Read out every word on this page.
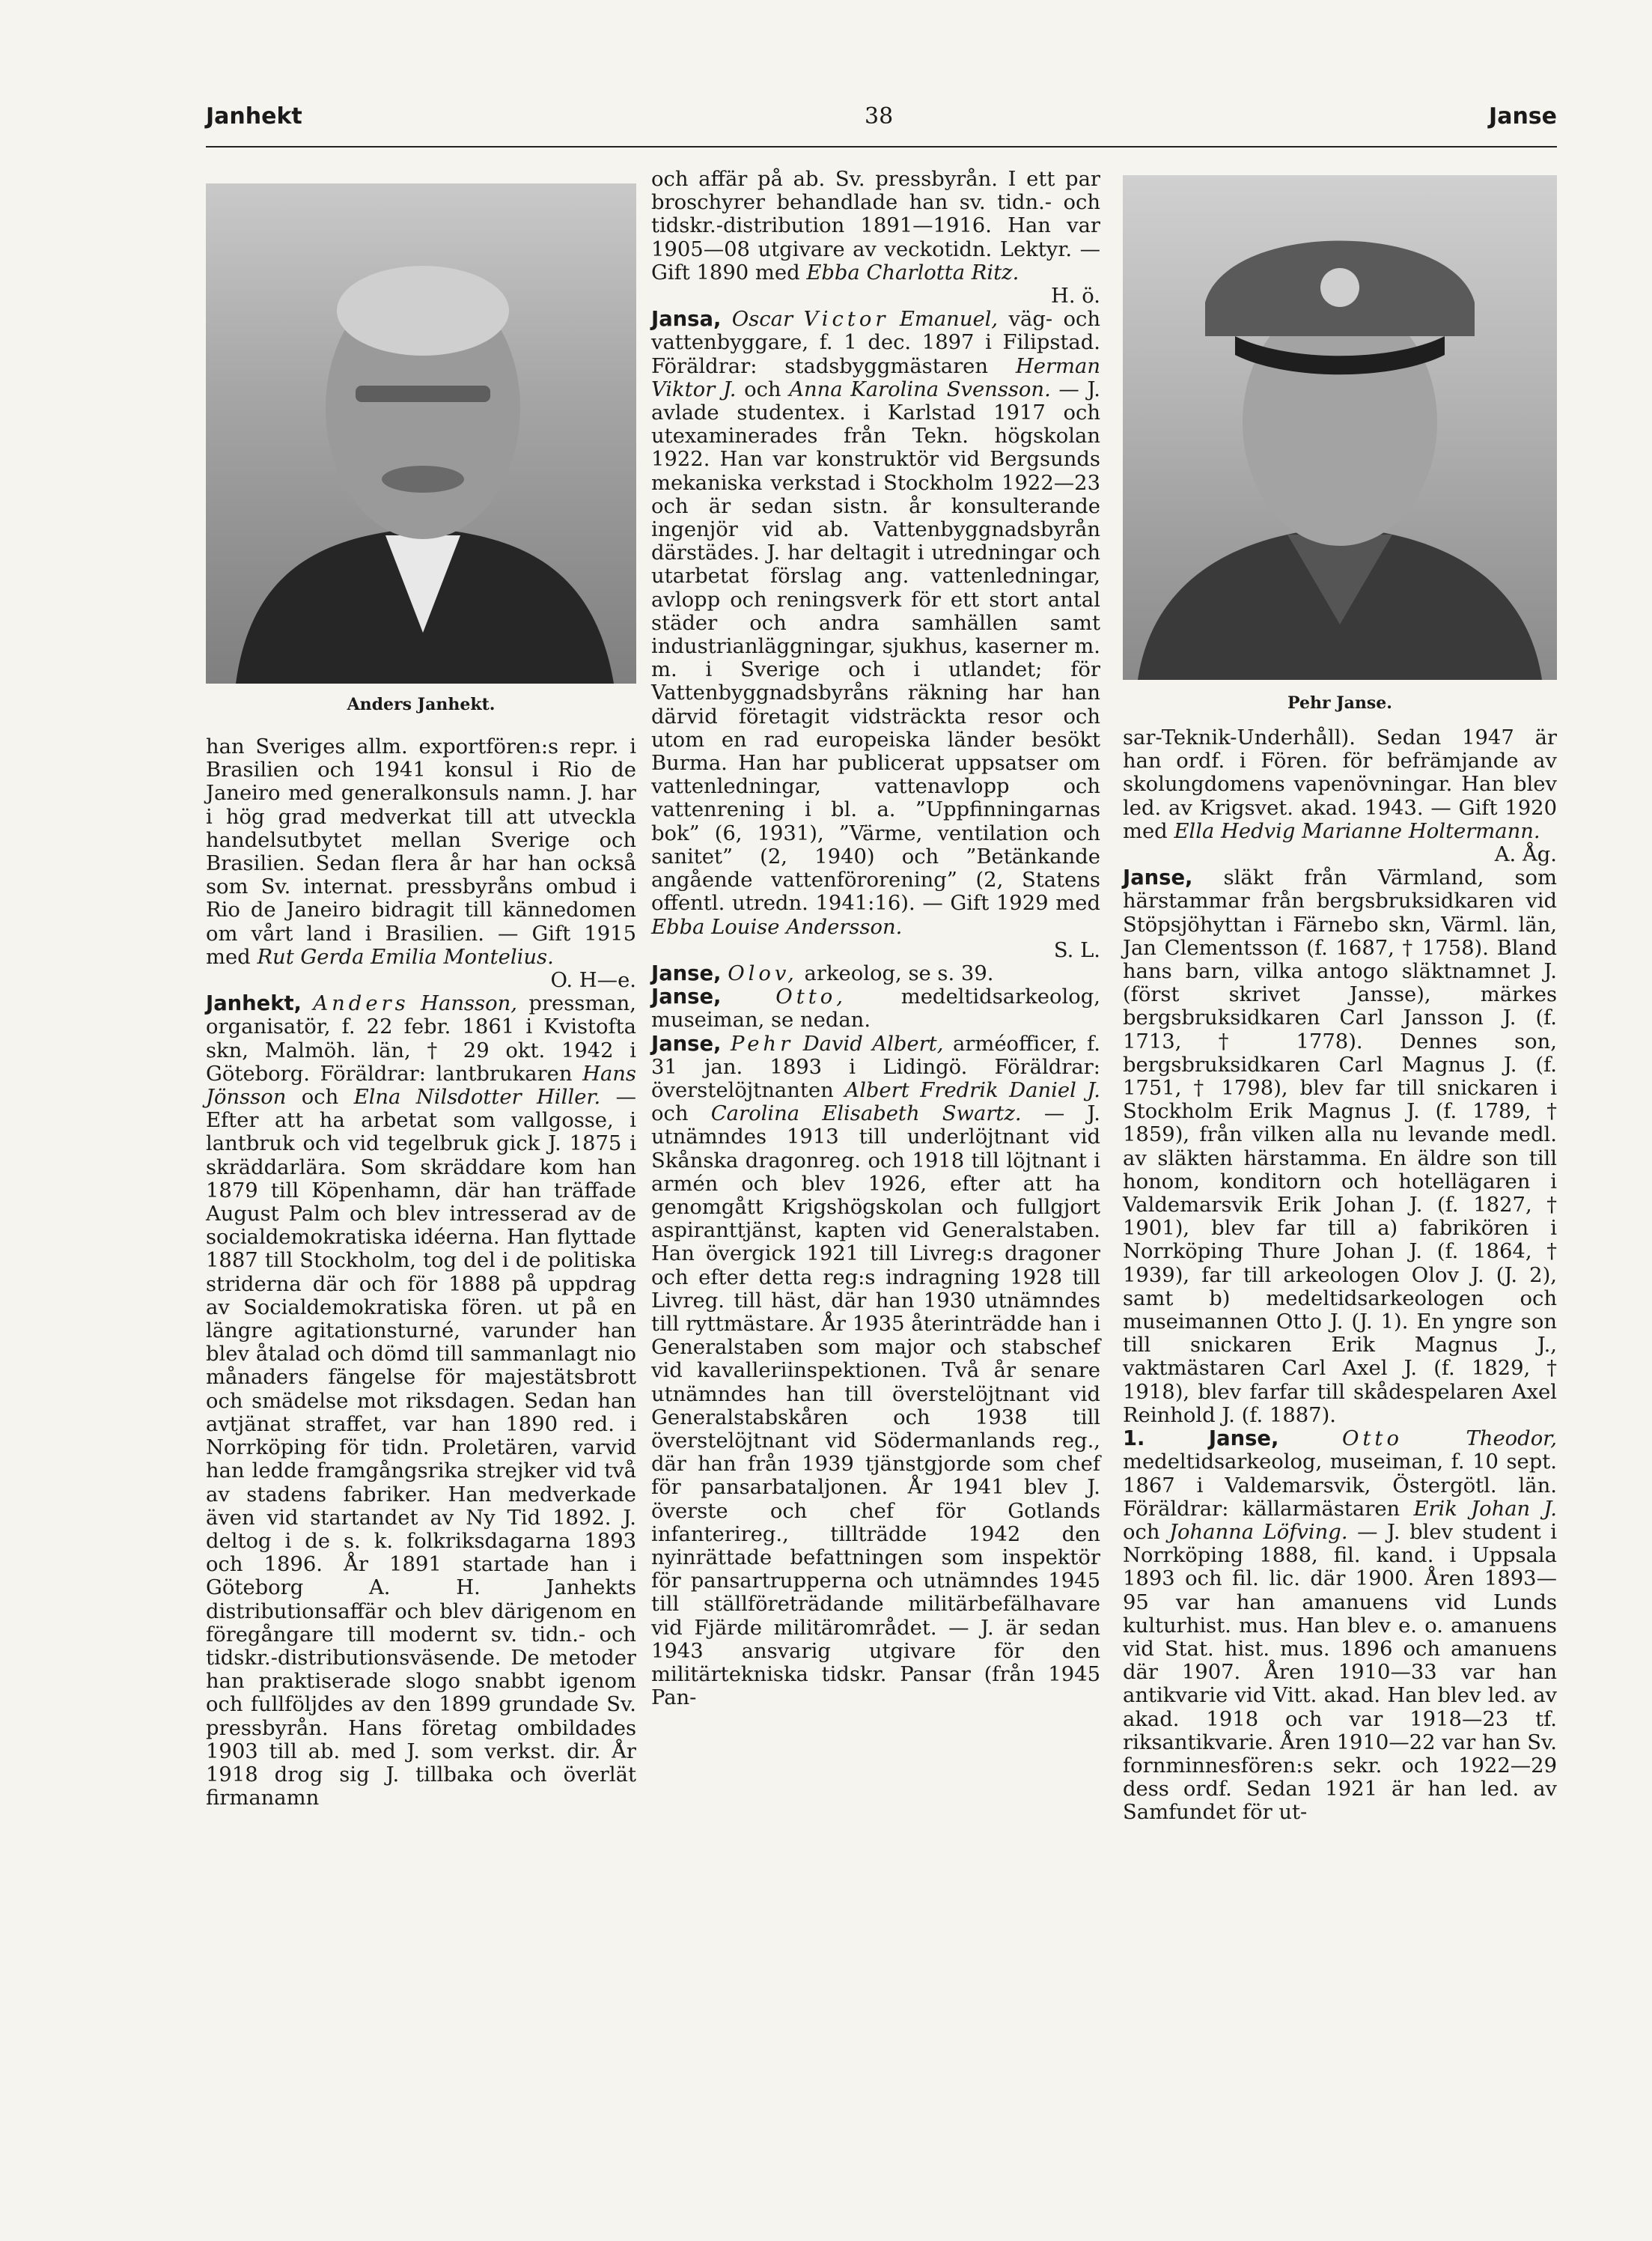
Janhekt	38	Janse
Anders Janhekt.	Pehr Janse.

han Sveriges allm. exportfören:s repr. i Brasilien och 1941 konsul i Rio de Janeiro med generalkonsuls namn. J. har i hög grad medverkat till att utveckla handelsutbytet mellan Sverige och Brasilien. Sedan flera år har han också som Sv. internat. pressbyråns ombud i Rio de Janeiro bidragit till kännedomen om vårt land i Brasilien. — Gift 1915 med Rut Gerda Emilia Montelius.
O. H—e.

Janhekt, Anders Hansson, pressman, organisatör, f. 22 febr. 1861 i Kvistofta skn, Malmöh. län, † 29 okt. 1942 i Göteborg. Föräldrar: lantbrukaren Hans Jönsson och Elna Nilsdotter Hiller. — Efter att ha arbetat som vallgosse, i lantbruk och vid tegelbruk gick J. 1875 i skräddarlära. Som skräddare kom han 1879 till Köpenhamn, där han träffade August Palm och blev intresserad av de socialdemokratiska idéerna. Han flyttade 1887 till Stockholm, tog del i de politiska striderna där och för 1888 på uppdrag av Socialdemokratiska fören. ut på en längre agitationsturné, varunder han blev åtalad och dömd till sammanlagt nio månaders fängelse för majestätsbrott och smädelse mot riksdagen. Sedan han avtjänat straffet, var han 1890 red. i Norrköping för tidn. Proletären, varvid han ledde framgångsrika strejker vid två av stadens fabriker. Han medverkade även vid startandet av Ny Tid 1892. J. deltog i de s. k. folkriksdagarna 1893 och 1896. År 1891 startade han i Göteborg A. H. Janhekts distributionsaffär och blev därigenom en föregångare till modernt sv. tidn.- och tidskr.-distributionsväsende. De metoder han praktiserade slogo snabbt igenom och fullföljdes av den 1899 grundade Sv. pressbyrån. Hans företag ombildades 1903 till ab. med J. som verkst. dir. År 1918 drog sig J. tillbaka och överlät firmanamn

och affär på ab. Sv. pressbyrån. I ett par broschyrer behandlade han sv. tidn.- och tidskr.-distribution 1891—1916. Han var 1905—08 utgivare av veckotidn. Lektyr. — Gift 1890 med Ebba Charlotta Ritz.
H. ö.

Jansa, Oscar Victor Emanuel, väg- och vattenbyggare, f. 1 dec. 1897 i Filipstad. Föräldrar: stadsbyggmästaren Herman Viktor J. och Anna Karolina Svensson. — J. avlade studentex. i Karlstad 1917 och utexaminerades från Tekn. högskolan 1922. Han var konstruktör vid Bergsunds mekaniska verkstad i Stockholm 1922—23 och är sedan sistn. år konsulterande ingenjör vid ab. Vattenbyggnadsbyrån därstädes. J. har deltagit i utredningar och utarbetat förslag ang. vattenledningar, avlopp och reningsverk för ett stort antal städer och andra samhällen samt industrianläggningar, sjukhus, kaserner m. m. i Sverige och i utlandet; för Vattenbyggnadsbyråns räkning har han därvid företagit vidsträckta resor och utom en rad europeiska länder besökt Burma. Han har publicerat uppsatser om vattenledningar, vattenavlopp och vattenrening i bl. a. ”Uppfinningarnas bok” (6, 1931), ”Värme, ventilation och sanitet” (2, 1940) och ”Betänkande angående vattenförorening” (2, Statens offentl. utredn. 1941:16). — Gift 1929 med Ebba Louise Andersson.
S. L.

Janse, Olov, arkeolog, se s. 39.

Janse,	Otto, medeltidsarkeolog, museiman, se nedan.

Janse, Pehr David Albert, arméofficer, f. 31 jan. 1893 i Lidingö. Föräldrar: överstelöjtnanten Albert Fredrik Daniel J. och Carolina Elisabeth Swartz. — J. utnämndes 1913 till underlöjtnant vid Skånska dragonreg. och 1918 till löjtnant i armén och blev 1926, efter att ha genomgått Krigshögskolan och fullgjort aspiranttjänst, kapten vid Generalstaben. Han övergick 1921 till Livreg:s dragoner och efter detta reg:s indragning 1928 till Livreg. till häst, där han 1930 utnämndes till ryttmästare. År 1935 återinträdde han i Generalstaben som major och stabschef vid kavalleriinspektionen. Två år senare utnämndes han till överstelöjtnant vid Generalstabskåren och 1938 till överstelöjtnant vid Södermanlands reg., där han från 1939 tjänstgjorde som chef för pansarbataljonen. År 1941 blev J. överste och chef för Gotlands infanterireg., tillträdde 1942 den nyinrättade befattningen som inspektör för pansartrupperna och utnämndes 1945 till ställföreträdande militärbefälhavare vid Fjärde militärområdet. — J. är sedan 1943 ansvarig utgivare för den militärtekniska tidskr. Pansar (från 1945 Pan-

sar-Teknik-Underhåll). Sedan 1947 är han ordf. i Fören. för befrämjande av skolungdomens vapenövningar. Han blev led. av Krigsvet. akad. 1943. — Gift 1920 med Ella Hedvig Marianne Holtermann.
A. Åg.

Janse, släkt från Värmland, som härstammar från bergsbruksidkaren vid Stöpsjöhyttan i Färnebo skn, Värml. län, Jan Clementsson (f. 1687, † 1758). Bland hans barn, vilka antogo släktnamnet J. (först skrivet Jansse), märkes bergsbruksidkaren Carl Jansson J. (f. 1713, † 1778). Dennes son, bergsbruksidkaren Carl Magnus J. (f. 1751, † 1798), blev far till snickaren i Stockholm Erik Magnus J. (f. 1789, † 1859), från vilken alla nu levande medl. av släkten härstamma. En äldre son till honom, konditorn och hotellägaren i Valdemarsvik Erik Johan J. (f. 1827, † 1901), blev far till a) fabrikören i Norrköping Thure Johan J. (f. 1864, † 1939), far till arkeologen Olov J. (J. 2), samt b) medeltidsarkeologen och museimannen Otto J. (J. 1). En yngre son till snickaren Erik Magnus J., vaktmästaren Carl Axel J. (f. 1829, † 1918), blev farfar till skådespelaren Axel Reinhold J. (f. 1887).

1. Janse,	Otto	Theodor, medeltidsarkeolog, museiman, f. 10 sept. 1867 i Valdemarsvik, Östergötl. län. Föräldrar: källarmästaren Erik Johan J. och Johanna Löfving. — J. blev student i Norrköping 1888, fil. kand. i Uppsala 1893 och fil. lic. där 1900. Åren 1893—95 var han amanuens vid Lunds kulturhist. mus. Han blev e. o. amanuens vid Stat. hist. mus. 1896 och amanuens där 1907. Åren 1910—33 var han antikvarie vid Vitt. akad. Han blev led. av akad. 1918 och var 1918—23 tf. riksantikvarie. Åren 1910—22 var han Sv. fornminnesfören:s sekr. och 1922—29 dess ordf. Sedan 1921 är han led. av Samfundet för ut-
